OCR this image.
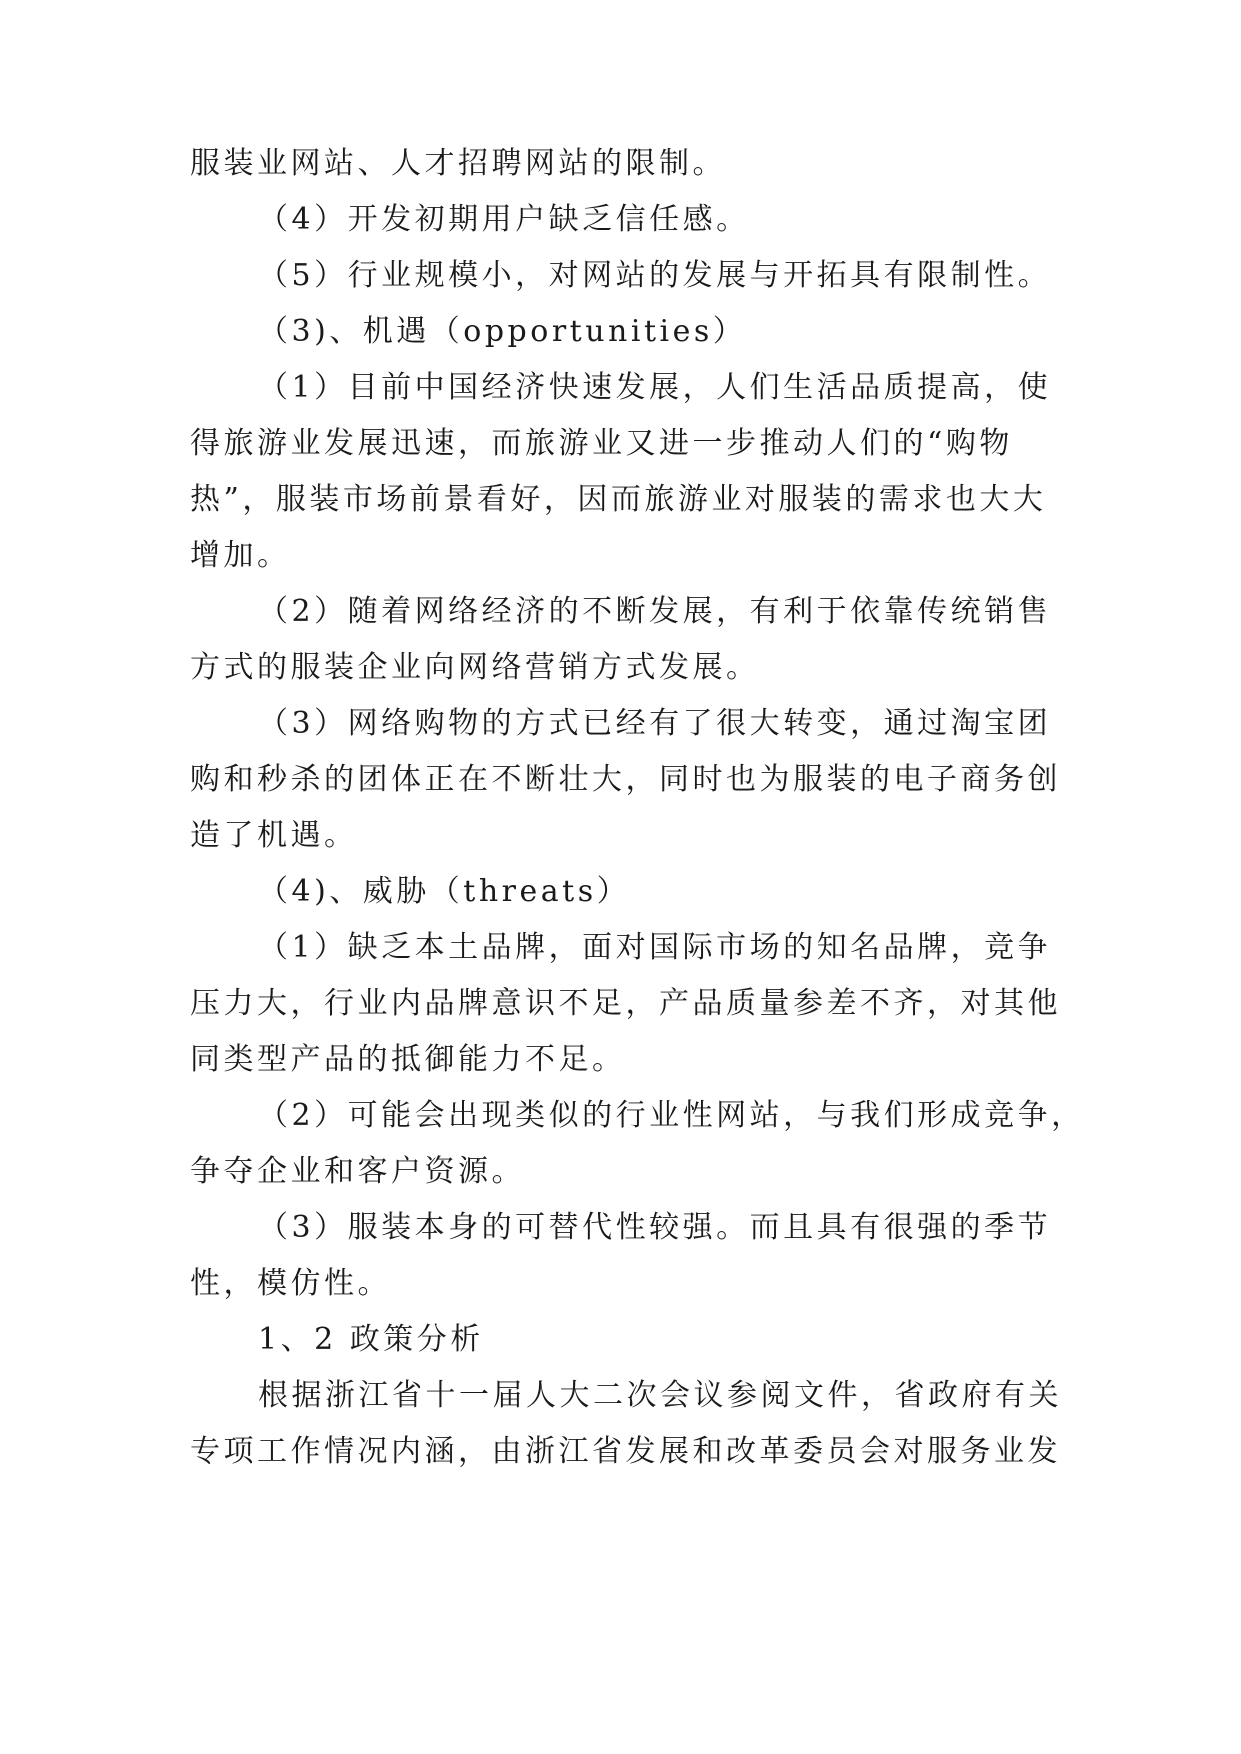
服装业网站、人才招聘网站的限制。
（4）开发初期用户缺乏信任感。
（5）行业规模小，对网站的发展与开拓具有限制性。
（3)、机遇（opportunities）
（1）目前中国经济快速发展，人们生活品质提高，使
得旅游业发展迅速，而旅游业又进一步推动人们的“购物
热”，服装市场前景看好，因而旅游业对服装的需求也大大
增加。
（2）随着网络经济的不断发展，有利于依靠传统销售
方式的服装企业向网络营销方式发展。
（3）网络购物的方式已经有了很大转变，通过淘宝团
购和秒杀的团体正在不断壮大，同时也为服装的电子商务创
造了机遇。
（4)、威胁（threats）
（1）缺乏本土品牌，面对国际市场的知名品牌，竞争
压力大，行业内品牌意识不足，产品质量参差不齐，对其他
同类型产品的抵御能力不足。
（2）可能会出现类似的行业性网站，与我们形成竞争，
争夺企业和客户资源。
（3）服装本身的可替代性较强。而且具有很强的季节
性，模仿性。
1、2 政策分析
根据浙江省十一届人大二次会议参阅文件，省政府有关
专项工作情况内涵，由浙江省发展和改革委员会对服务业发
